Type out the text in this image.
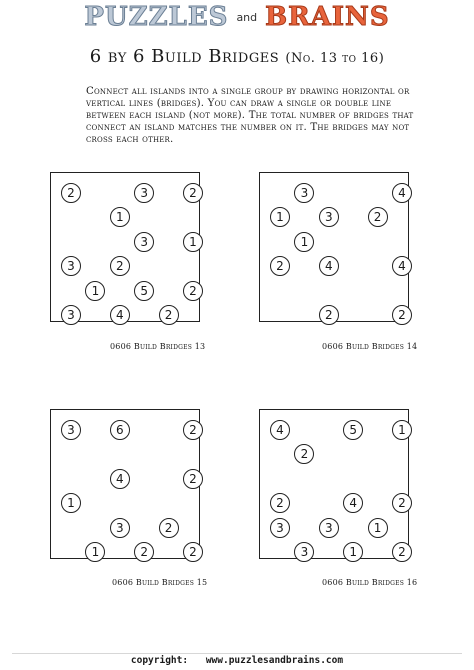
PUZZLES and BRAINS
6 by 6 Build Bridges (No. 13 to 16)
Connect all islands into a single group by drawing horizontal or vertical lines (bridges). You can draw a single or double line between each island (not more). The total number of bridges that connect an island matches the number on it. The bridges may not cross each other.
2	3	2
1
3	1
3	2
1	5	2
3	4	2
0606 Build Bridges 13
3	4
1	3	2
1
2	4	4
2	2
0606 Build Bridges 14
3	6	2
4	2
1
3	2
1	2	2
0606 Build Bridges 15
4	5	1
2
2	4	2
3	3	1
3	1	2
0606 Build Bridges 16
copyright: www.puzzlesandbrains.com
